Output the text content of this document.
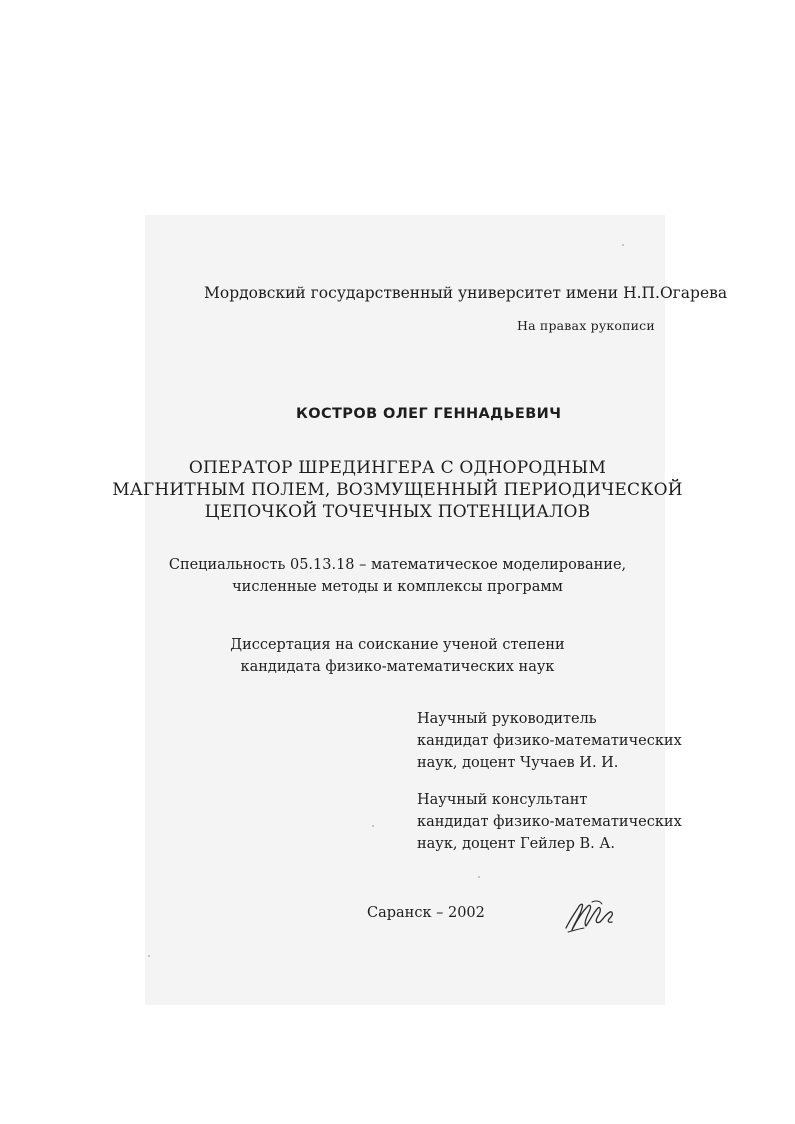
Мордовский государственный университет имени Н.П.Огарева
На правах рукописи
КОСТРОВ ОЛЕГ ГЕННАДЬЕВИЧ
ОПЕРАТОР ШРЕДИНГЕРА С ОДНОРОДНЫМ
МАГНИТНЫМ ПОЛЕМ, ВОЗМУЩЕННЫЙ ПЕРИОДИЧЕСКОЙ
ЦЕПОЧКОЙ ТОЧЕЧНЫХ ПОТЕНЦИАЛОВ
Специальность 05.13.18 – математическое моделирование,
численные методы и комплексы программ
Диссертация на соискание ученой степени
кандидата физико-математических наук
Научный руководитель
кандидат физико-математических
наук, доцент Чучаев И. И.
Научный консультант
кандидат физико-математических
наук, доцент Гейлер В. А.
Саранск – 2002
